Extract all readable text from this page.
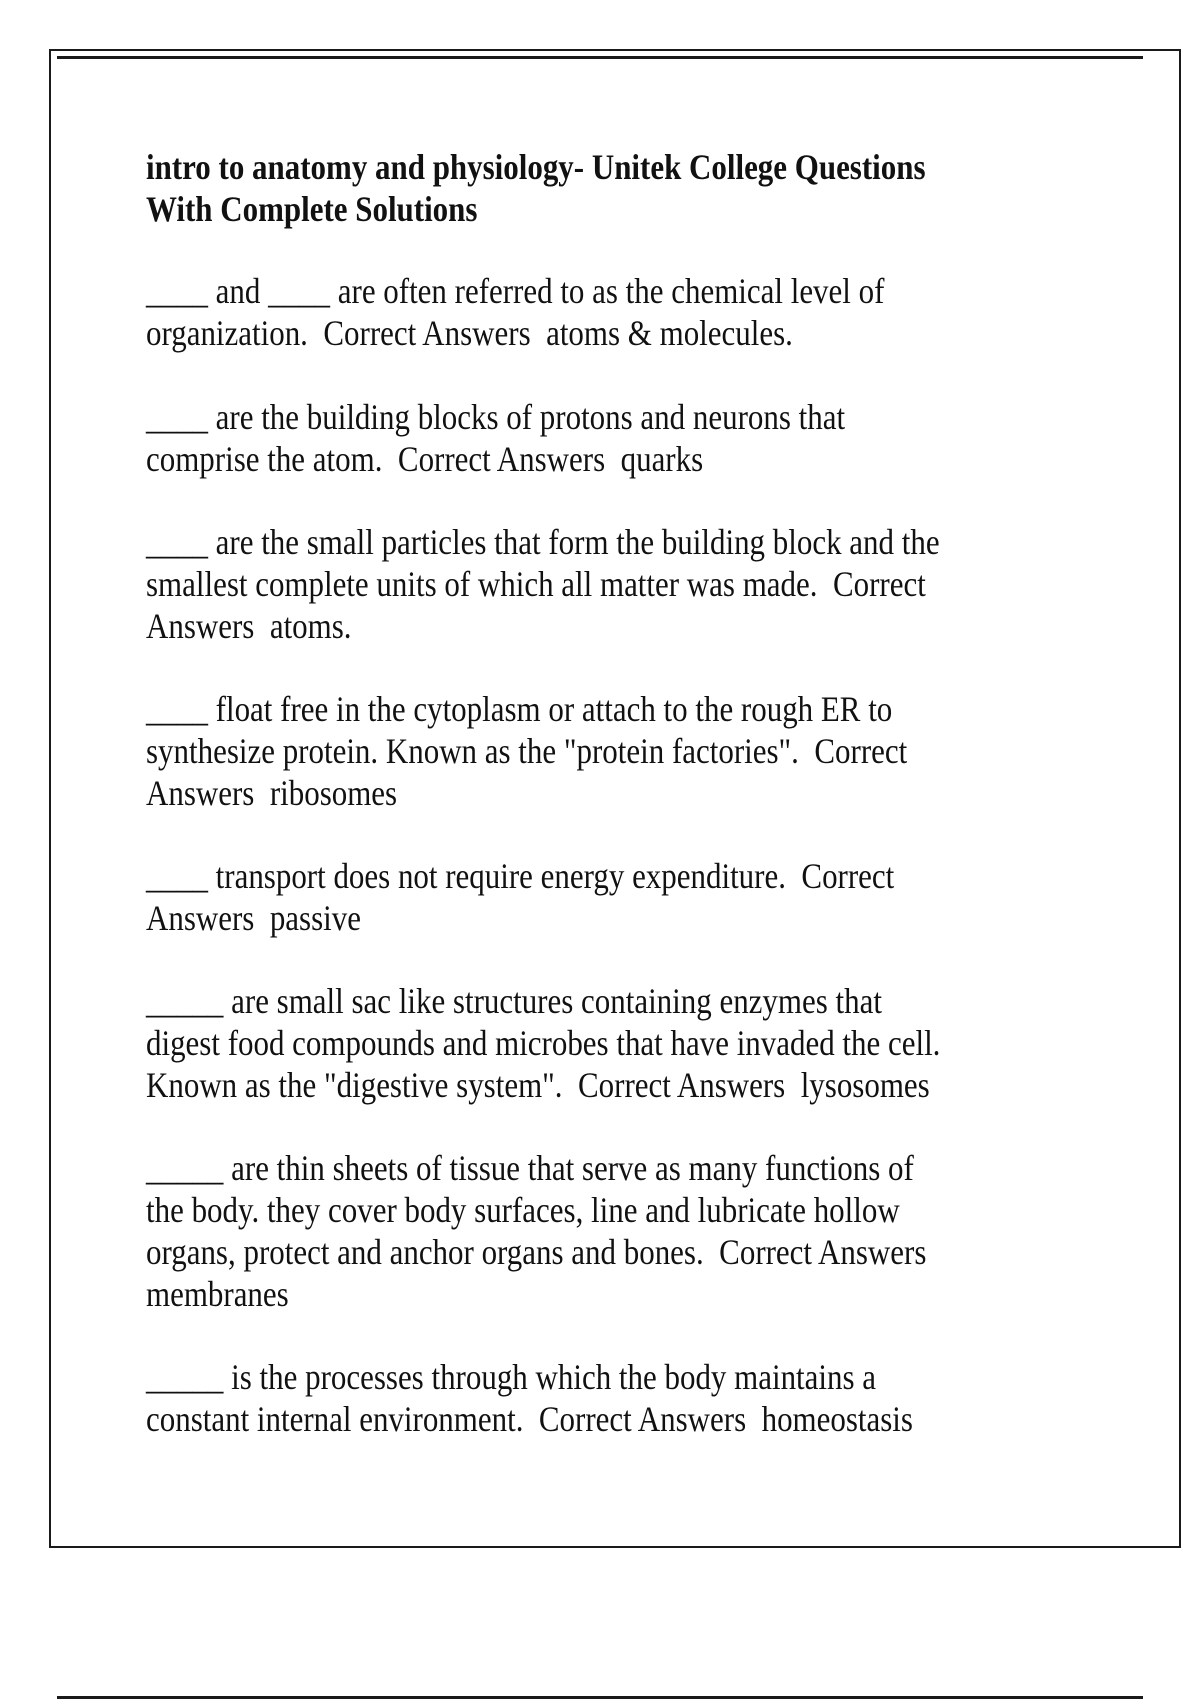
intro to anatomy and physiology- Unitek College Questions
With Complete Solutions
____ and ____ are often referred to as the chemical level of
organization.  Correct Answers  atoms & molecules.
____ are the building blocks of protons and neurons that
comprise the atom.  Correct Answers  quarks
____ are the small particles that form the building block and the
smallest complete units of which all matter was made.  Correct
Answers  atoms.
____ float free in the cytoplasm or attach to the rough ER to
synthesize protein. Known as the "protein factories".  Correct
Answers  ribosomes
____ transport does not require energy expenditure.  Correct
Answers  passive
_____ are small sac like structures containing enzymes that
digest food compounds and microbes that have invaded the cell.
Known as the "digestive system".  Correct Answers  lysosomes
_____ are thin sheets of tissue that serve as many functions of
the body. they cover body surfaces, line and lubricate hollow
organs, protect and anchor organs and bones.  Correct Answers
membranes
_____ is the processes through which the body maintains a
constant internal environment.  Correct Answers  homeostasis
